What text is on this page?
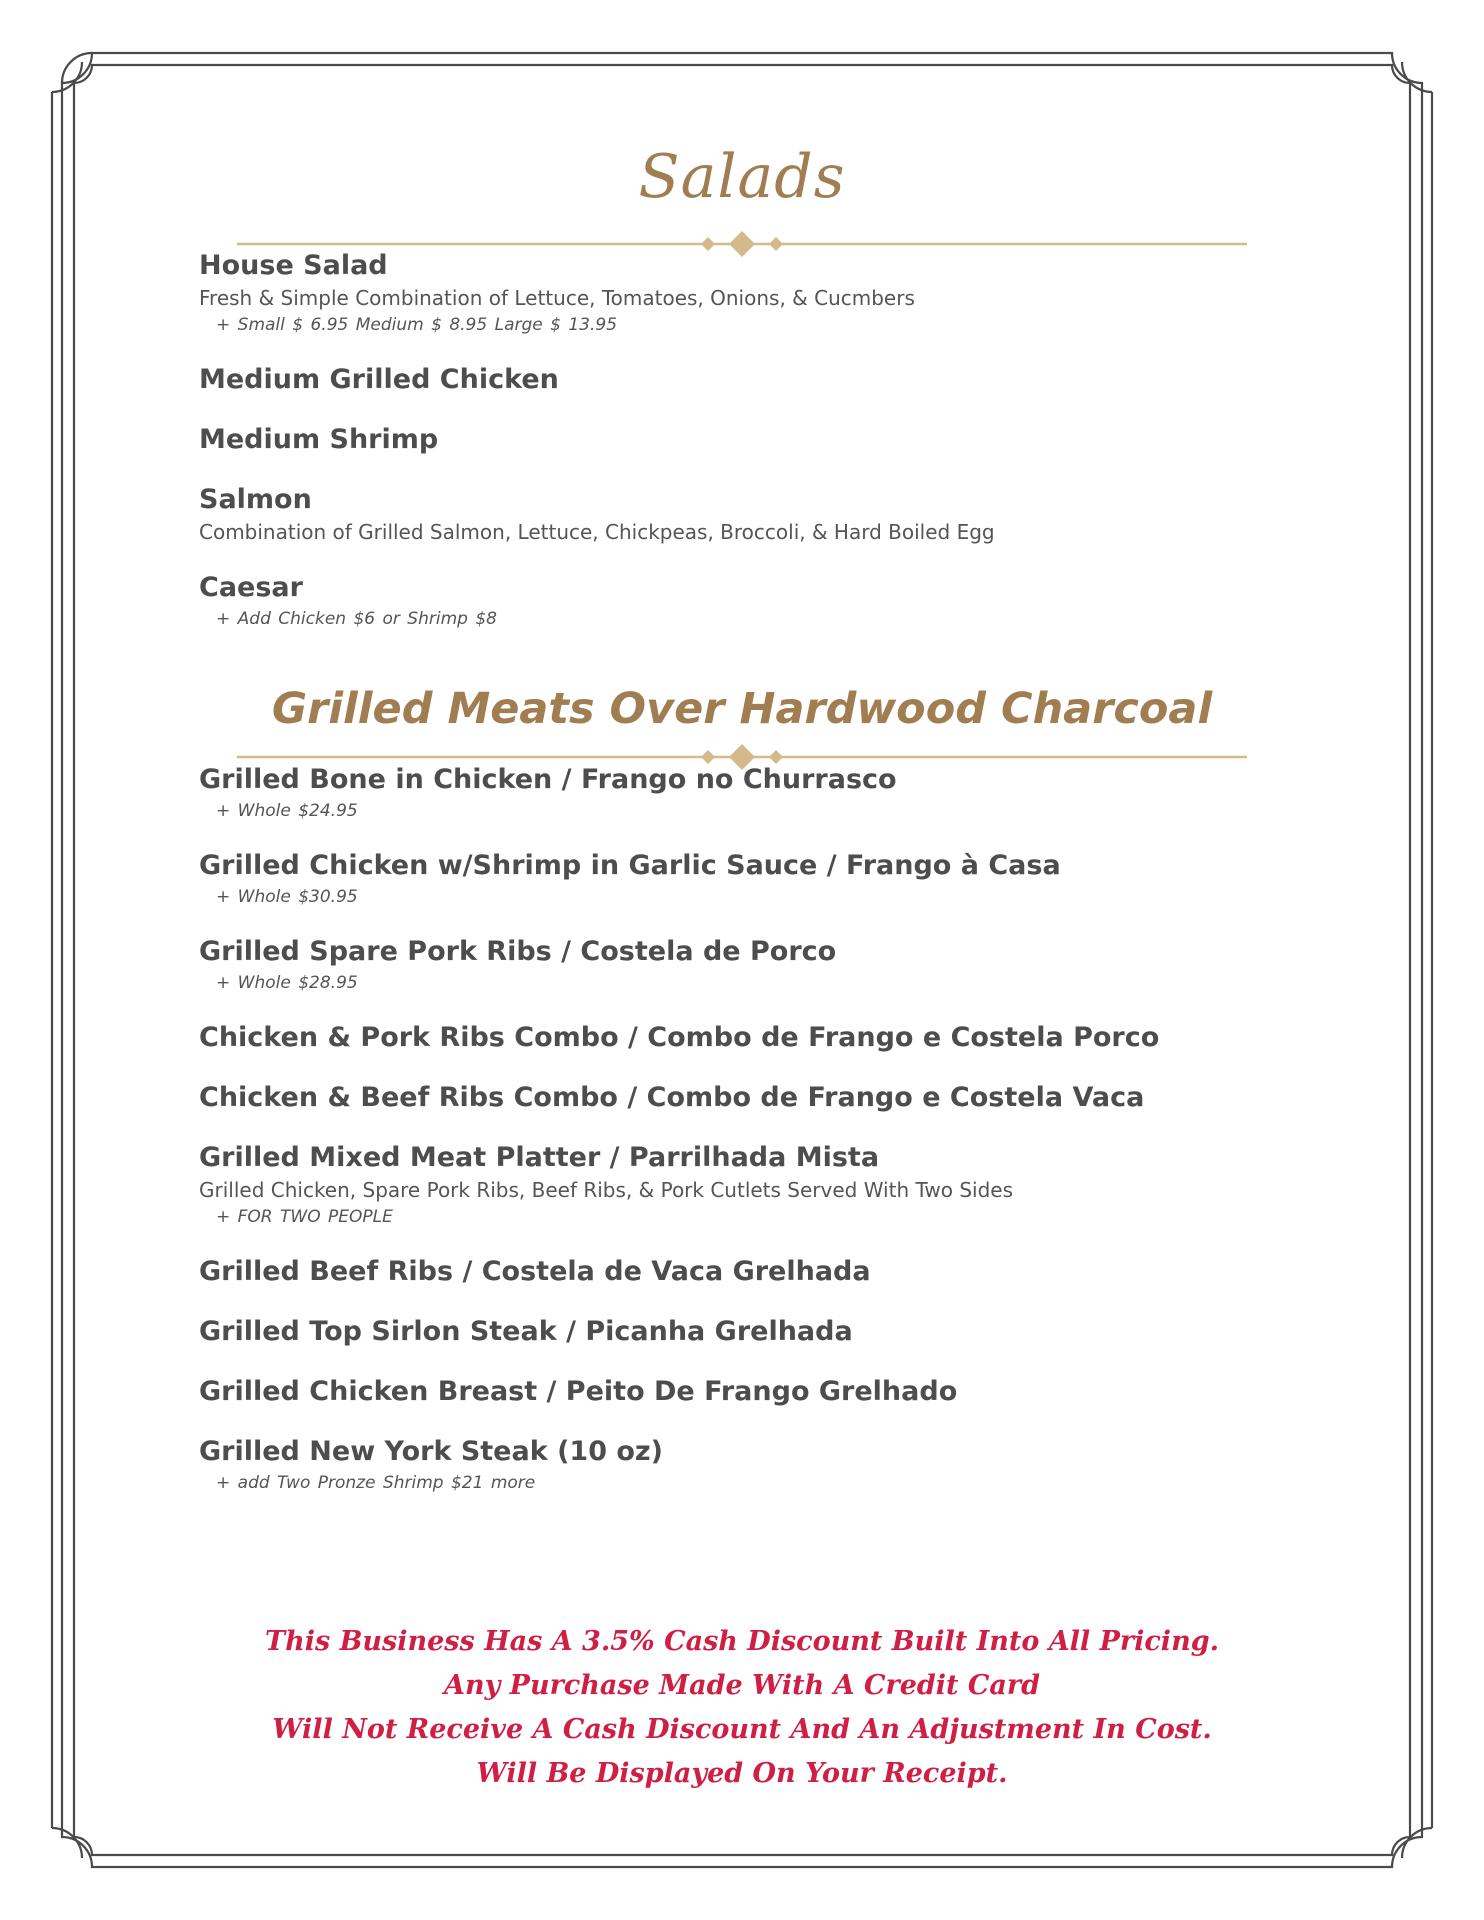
Salads
House Salad
Fresh & Simple Combination of Lettuce, Tomatoes, Onions, & Cucmbers
+ Small $ 6.95 Medium $ 8.95 Large $ 13.95
Medium Grilled Chicken
Medium Shrimp
Salmon
Combination of Grilled Salmon, Lettuce, Chickpeas, Broccoli, & Hard Boiled Egg
Caesar
+ Add Chicken $6 or Shrimp $8
Grilled Meats Over Hardwood Charcoal
Grilled Bone in Chicken / Frango no Churrasco
+ Whole $24.95
Grilled Chicken w/Shrimp in Garlic Sauce / Frango à Casa
+ Whole $30.95
Grilled Spare Pork Ribs / Costela de Porco
+ Whole $28.95
Chicken & Pork Ribs Combo / Combo de Frango e Costela Porco
Chicken & Beef Ribs Combo / Combo de Frango e Costela Vaca
Grilled Mixed Meat Platter / Parrilhada Mista
Grilled Chicken, Spare Pork Ribs, Beef Ribs, & Pork Cutlets Served With Two Sides
+ FOR TWO PEOPLE
Grilled Beef Ribs / Costela de Vaca Grelhada
Grilled Top Sirlon Steak / Picanha Grelhada
Grilled Chicken Breast / Peito De Frango Grelhado
Grilled New York Steak (10 oz)
+ add Two Pronze Shrimp $21 more
This Business Has A 3.5% Cash Discount Built Into All Pricing.
Any Purchase Made With A Credit Card
Will Not Receive A Cash Discount And An Adjustment In Cost.
Will Be Displayed On Your Receipt.
